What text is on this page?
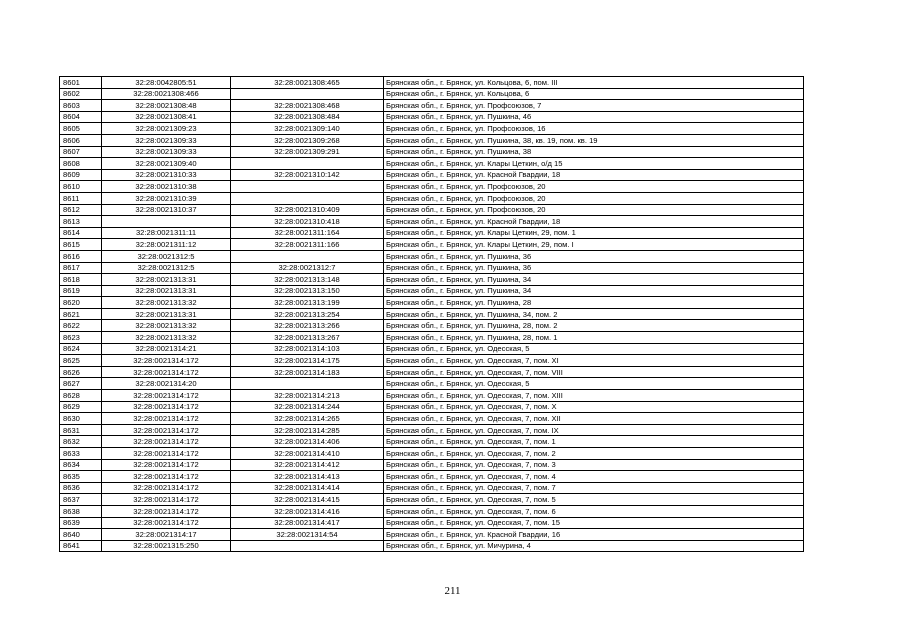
8601	32:28:0042805:51	32:28:0021308:465	Брянская обл., г. Брянск, ул. Кольцова, 6, пом. III
8602	32:28:0021308:466		Брянская обл., г. Брянск, ул. Кольцова, 6
8603	32:28:0021308:48	32:28:0021308:468	Брянская обл., г. Брянск, ул. Профсоюзов, 7
8604	32:28:0021308:41	32:28:0021308:484	Брянская обл., г. Брянск, ул. Пушкина, 46
8605	32:28:0021309:23	32:28:0021309:140	Брянская обл., г. Брянск, ул. Профсоюзов, 16
8606	32:28:0021309:33	32:28:0021309:268	Брянская обл., г. Брянск, ул. Пушкина, 38, кв. 19, пом. кв. 19
8607	32:28:0021309:33	32:28:0021309:291	Брянская обл., г. Брянск, ул. Пушкина, 38
8608	32:28:0021309:40		Брянская обл., г. Брянск, ул. Клары Цеткин, о/д 15
8609	32:28:0021310:33	32:28:0021310:142	Брянская обл., г. Брянск, ул. Красной Гвардии, 18
8610	32:28:0021310:38		Брянская обл., г. Брянск, ул. Профсоюзов, 20
8611	32:28:0021310:39		Брянская обл., г. Брянск, ул. Профсоюзов, 20
8612	32:28:0021310:37	32:28:0021310:409	Брянская обл., г. Брянск, ул. Профсоюзов, 20
8613		32:28:0021310:418	Брянская обл., г. Брянск, ул. Красной Гвардии, 18
8614	32:28:0021311:11	32:28:0021311:164	Брянская обл., г. Брянск, ул. Клары Цеткин, 29, пом. 1
8615	32:28:0021311:12	32:28:0021311:166	Брянская обл., г. Брянск, ул. Клары Цеткин, 29, пом. I
8616	32:28:0021312:5		Брянская обл., г. Брянск, ул. Пушкина, 36
8617	32:28:0021312:5	32:28:0021312:7	Брянская обл., г. Брянск, ул. Пушкина, 36
8618	32:28:0021313:31	32:28:0021313:148	Брянская обл., г. Брянск, ул. Пушкина, 34
8619	32:28:0021313:31	32:28:0021313:150	Брянская обл., г. Брянск, ул. Пушкина, 34
8620	32:28:0021313:32	32:28:0021313:199	Брянская обл., г. Брянск, ул. Пушкина, 28
8621	32:28:0021313:31	32:28:0021313:254	Брянская обл., г. Брянск, ул. Пушкина, 34, пом. 2
8622	32:28:0021313:32	32:28:0021313:266	Брянская обл., г. Брянск, ул. Пушкина, 28, пом. 2
8623	32:28:0021313:32	32:28:0021313:267	Брянская обл., г. Брянск, ул. Пушкина, 28, пом. 1
8624	32:28:0021314:21	32:28:0021314:103	Брянская обл., г. Брянск, ул. Одесская, 5
8625	32:28:0021314:172	32:28:0021314:175	Брянская обл., г. Брянск, ул. Одесская, 7, пом. XI
8626	32:28:0021314:172	32:28:0021314:183	Брянская обл., г. Брянск, ул. Одесская, 7, пом. VIII
8627	32:28:0021314:20		Брянская обл., г. Брянск, ул. Одесская, 5
8628	32:28:0021314:172	32:28:0021314:213	Брянская обл., г. Брянск, ул. Одесская, 7, пом. XIII
8629	32:28:0021314:172	32:28:0021314:244	Брянская обл., г. Брянск, ул. Одесская, 7, пом. X
8630	32:28:0021314:172	32:28:0021314:265	Брянская обл., г. Брянск, ул. Одесская, 7, пом. XII
8631	32:28:0021314:172	32:28:0021314:285	Брянская обл., г. Брянск, ул. Одесская, 7, пом. IX
8632	32:28:0021314:172	32:28:0021314:406	Брянская обл., г. Брянск, ул. Одесская, 7, пом. 1
8633	32:28:0021314:172	32:28:0021314:410	Брянская обл., г. Брянск, ул. Одесская, 7, пом. 2
8634	32:28:0021314:172	32:28:0021314:412	Брянская обл., г. Брянск, ул. Одесская, 7, пом. 3
8635	32:28:0021314:172	32:28:0021314:413	Брянская обл., г. Брянск, ул. Одесская, 7, пом. 4
8636	32:28:0021314:172	32:28:0021314:414	Брянская обл., г. Брянск, ул. Одесская, 7, пом. 7
8637	32:28:0021314:172	32:28:0021314:415	Брянская обл., г. Брянск, ул. Одесская, 7, пом. 5
8638	32:28:0021314:172	32:28:0021314:416	Брянская обл., г. Брянск, ул. Одесская, 7, пом. 6
8639	32:28:0021314:172	32:28:0021314:417	Брянская обл., г. Брянск, ул. Одесская, 7, пом. 15
8640	32:28:0021314:17	32:28:0021314:54	Брянская обл., г. Брянск, ул. Красной Гвардии, 16
8641	32:28:0021315:250		Брянская обл., г. Брянск, ул. Мичурина, 4
211
